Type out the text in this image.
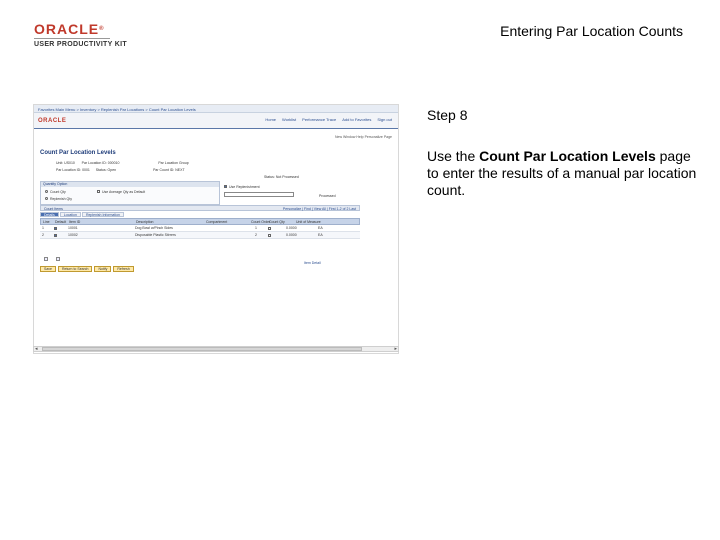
ORACLE®
USER PRODUCTIVITY KIT
Entering Par Location Counts
Step 8
Use the Count Par Location Levels page to enter the results of a manual par location count.
Favorites Main Menu > Inventory > Replenish Par Locations > Count Par Location Levels
ORACLE	Home Worklist Performance Trace Add to Favorites Sign out
New Window Help Personalize Page
Count Par Location Levels
Unit: US010       Par Location ID: 000010                                        Par Location Group
Par Location ID: 0001      Status: Open                                      Par Count ID: NEXT
Status: Not Processed
Quantity Option
Count Qty	Use Average Qty as Default
Replenish Qty
Use Replenishment
Processed
Count Items	Personalize | Find | View All | First 1-2 of 2 Last
Details	Location	Replenish Information
Line Default Item ID	Description	Compartment	Count Order
Count Qty	Unit of Measure
1	10001	Dog Bowl w/Pinch Sides	1	0.0000	EA
2	10002	Disposable Plastic Stirrers	2	0.0000	EA
Item Detail
Save	Return to Search	Notify	Refresh
◂	▸
